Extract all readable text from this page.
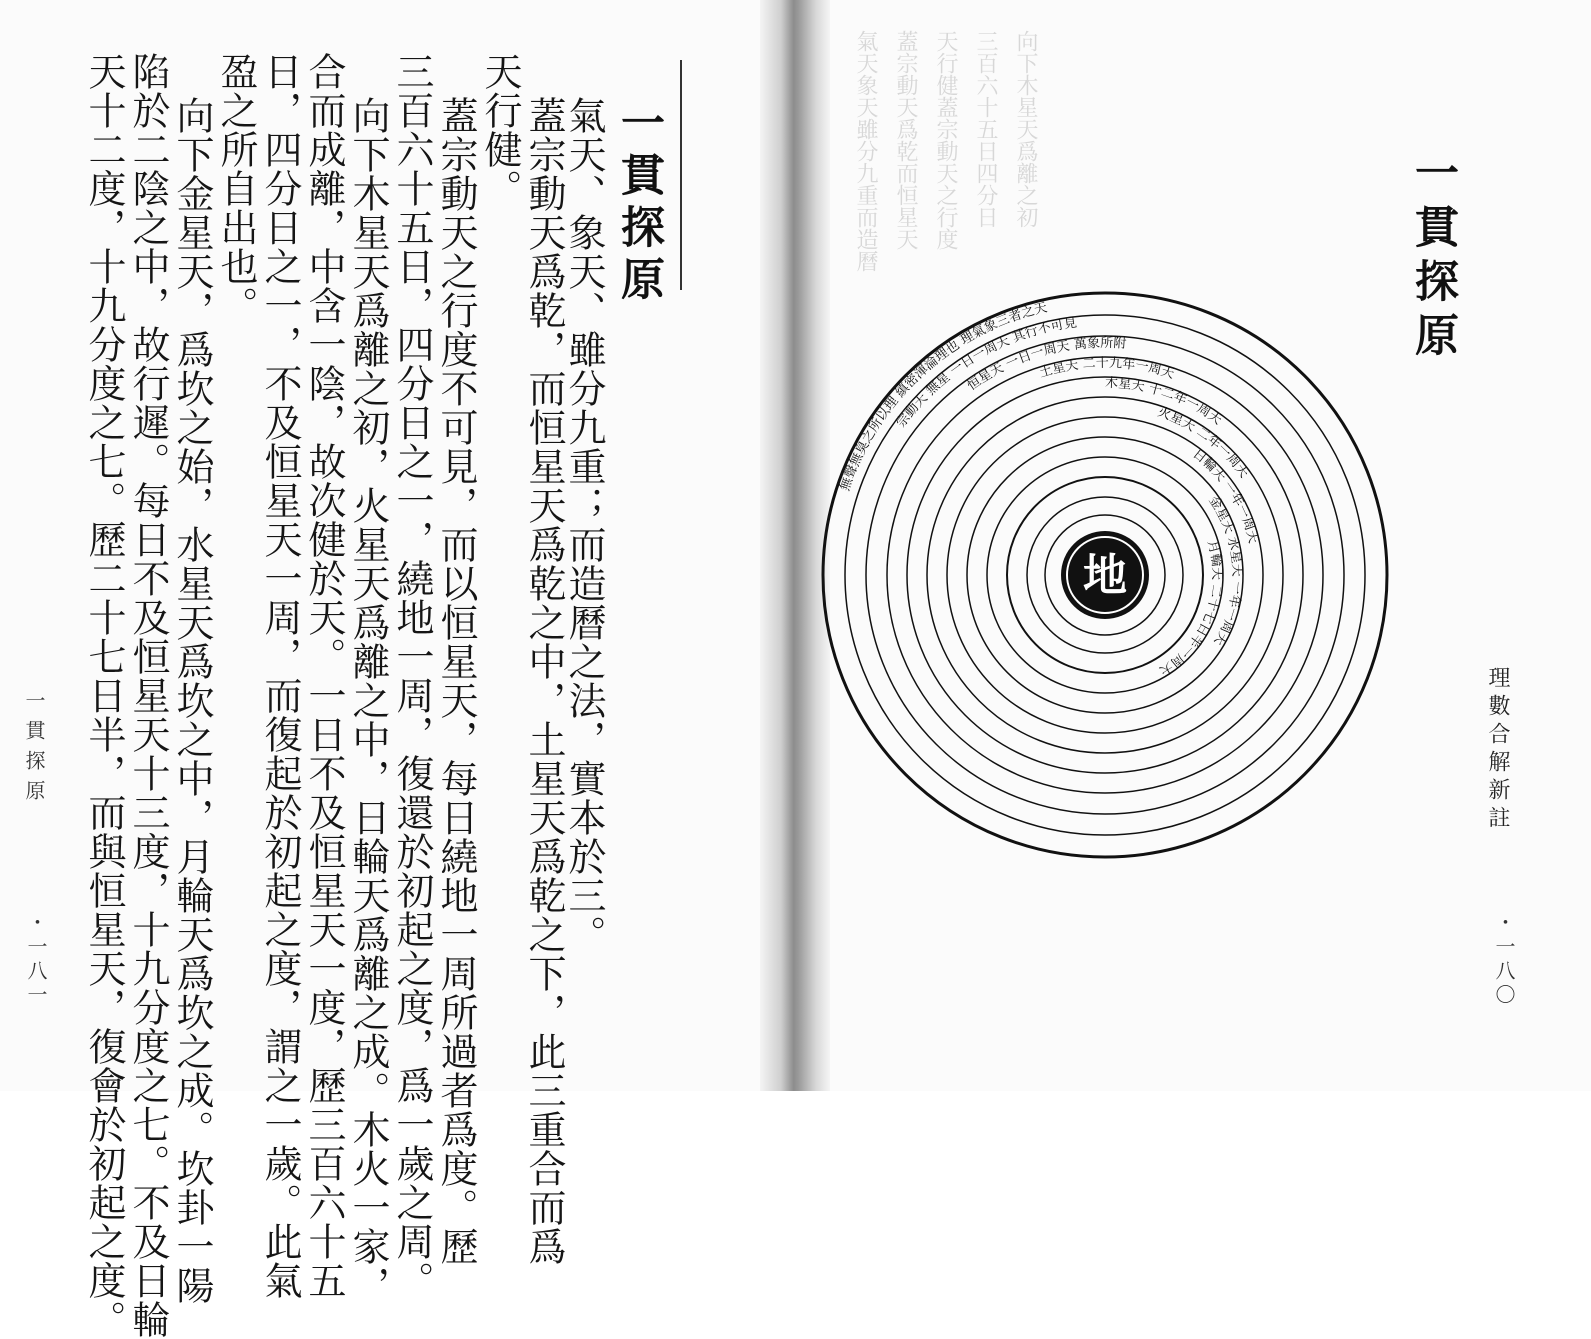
氣天象天雖分九重而造曆 蓋宗動天爲乾而恒星天 天行健蓋宗動天之行度 三百六十五日四分日 向下木星天爲離之初
一貫探原
氣天、象天、雖分九重；而造曆之法，實本於三。
蓋宗動天爲乾，而恒星天爲乾之中，土星天爲乾之下，此三重合而爲
天行健。
蓋宗動天之行度不可見，而以恒星天，每日繞地一周所過者爲度。歷
三百六十五日，四分日之一，繞地一周，復還於初起之度，爲一歲之周。
向下木星天爲離之初，火星天爲離之中，日輪天爲離之成。木火一家，
合而成離，中含一陰，故次健於天。一日不及恒星天一度，歷三百六十五
日，四分日之一，不及恒星天一周，而復起於初起之度，謂之一歲。此氣
盈之所自出也。
向下金星天，爲坎之始，水星天爲坎之中，月輪天爲坎之成。坎卦一陽
陷於二陰之中，故行遲。每日不及恒星天十三度，十九分度之七。不及日輪
天十二度，十九分度之七。歷二十七日半，而與恒星天，復會於初起之度。
一貫探原
・一八一
一貫探原
理數合解新註
・一八〇
無聲無臭之所以理 縝密渾淪理也 理氣象三者之天
宗動天 無星 一日一周天 其行不可見
恒星天 一日一周天 萬象所附
土星天 二十九年一周天
木星天 十二年一周天
火星天 二年一周天
日輪天 一年一周天
金星天 水星天 一年一周天
月輪天 二十七日半一周天
地
